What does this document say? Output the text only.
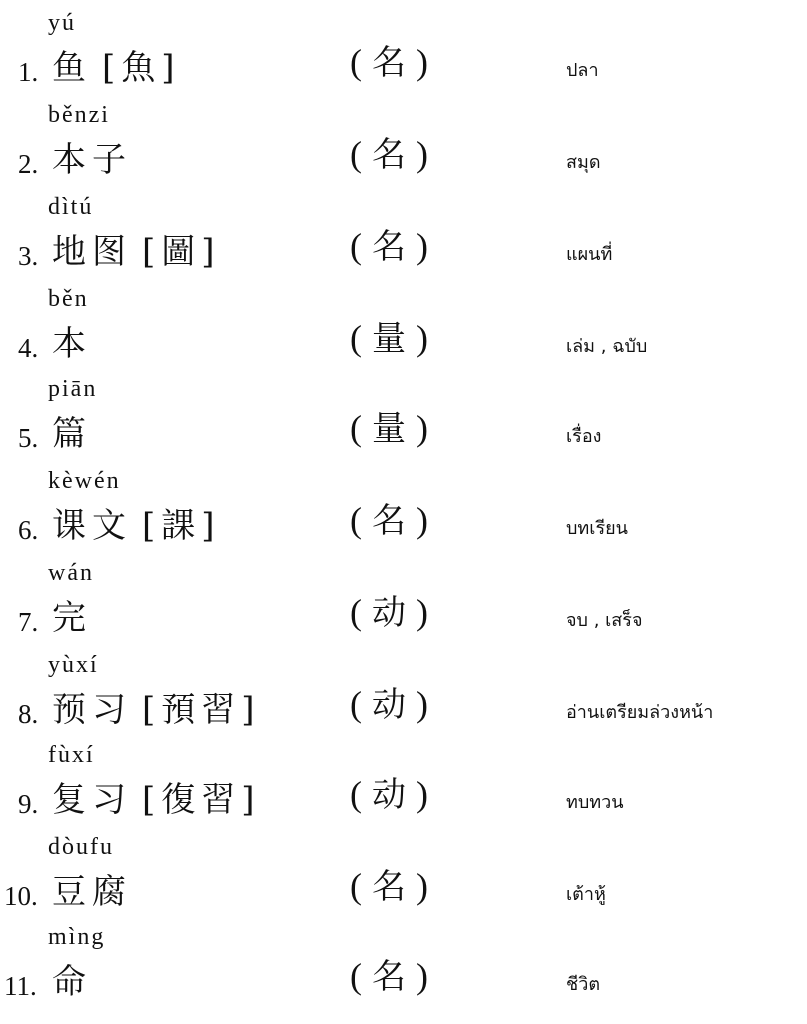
yú
1. 鱼 [魚]	( 名 )	ปลา
běnzi
2. 本子	( 名 )	สมุด
dìtú
3. 地图 [圖]	( 名 )	แผนที่
běn
4. 本	( 量 )	เล่ม , ฉบับ
piān
5. 篇	( 量 )	เรื่อง
kèwén
6. 课文 [課]	( 名 )	บทเรียน
wán
7. 完	( 动 )	จบ , เสร็จ
yùxí
8. 预习 [預習] ( 动 )	อ่านเตรียมล่วงหน้า
fùxí
9. 复习 [復習] ( 动 )	ทบทวน
dòufu
10. 豆腐	( 名 )	เต้าหู้
mìng
11. 命	( 名 )	ชีวิต
